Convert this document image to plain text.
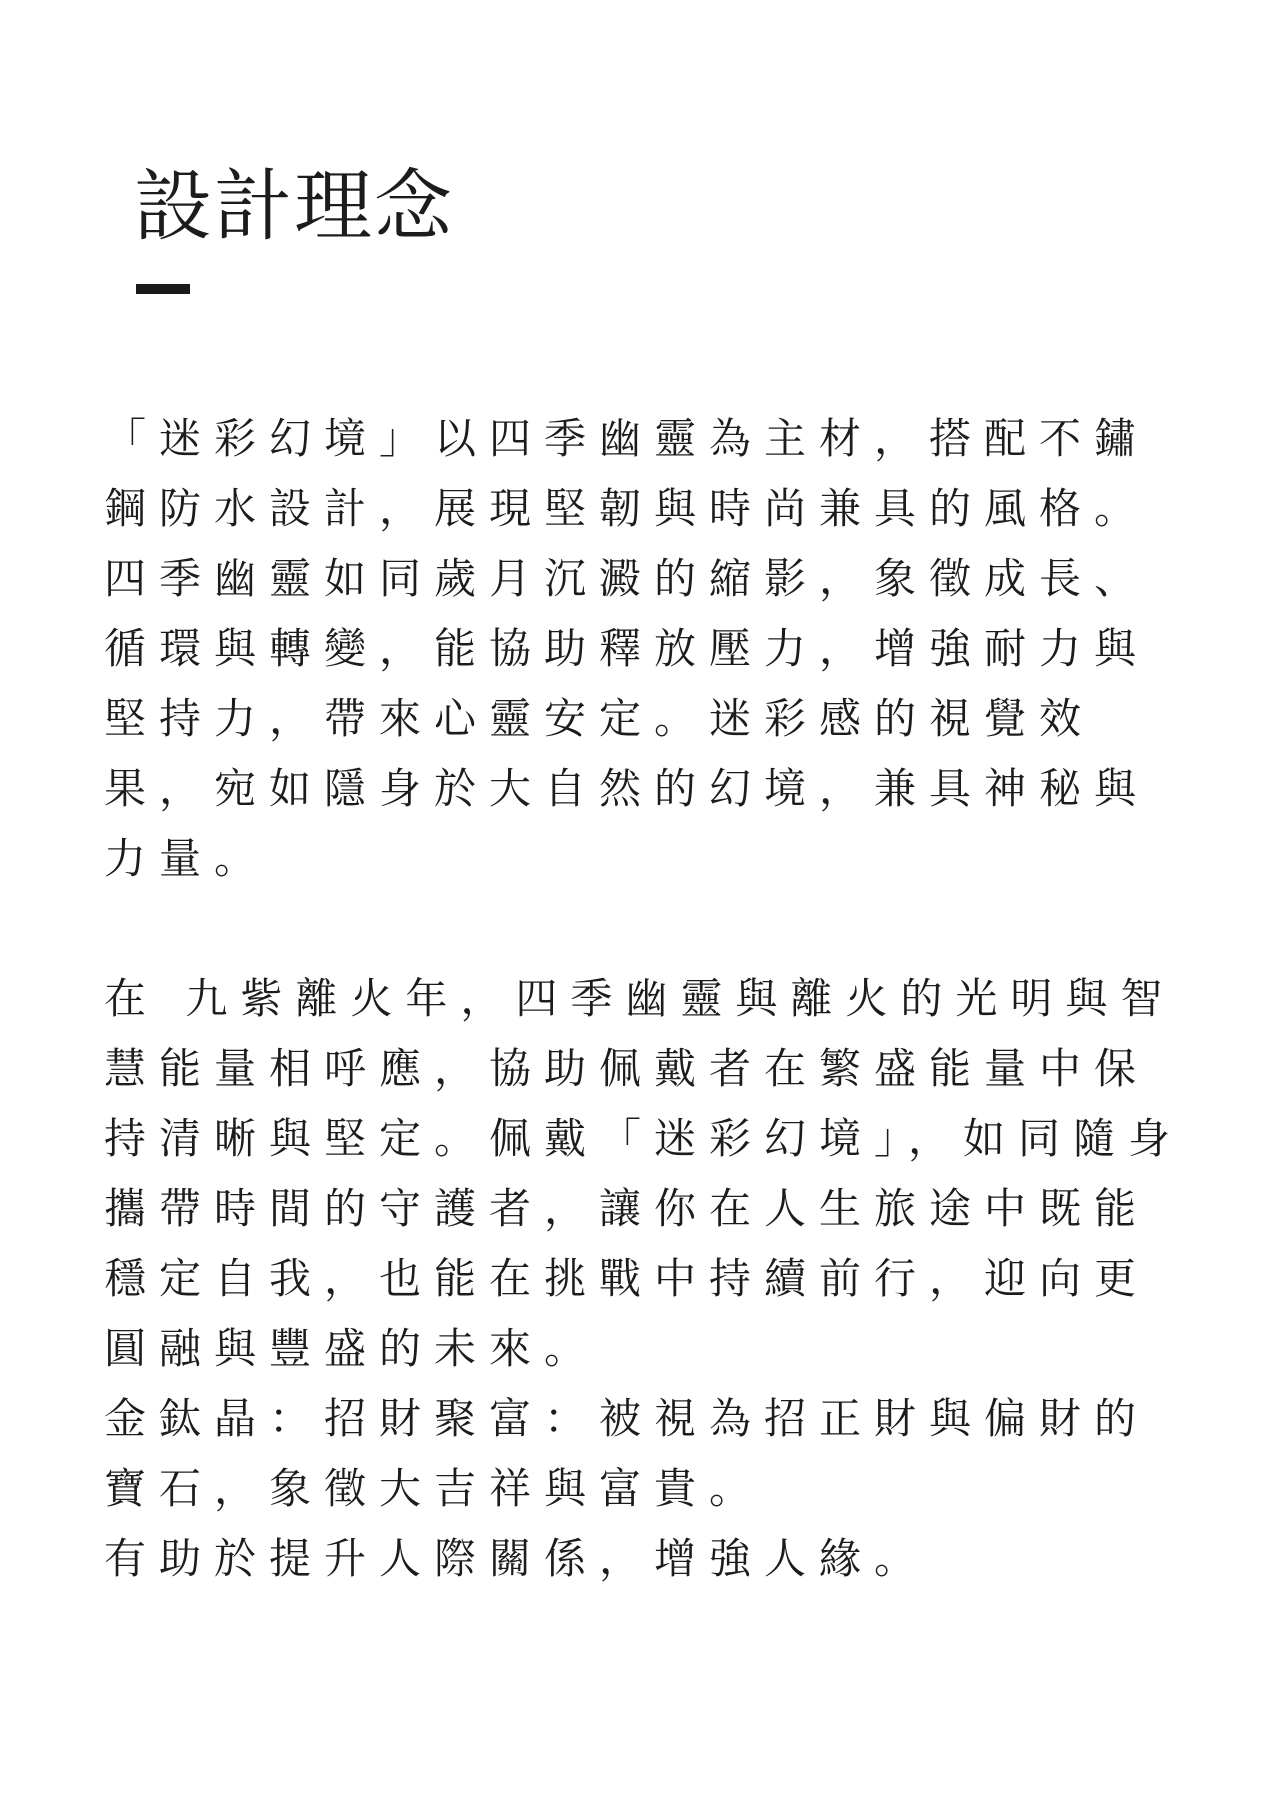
設計理念

「迷彩幻境」以四季幽靈為主材，搭配不鏽
鋼防水設計，展現堅韌與時尚兼具的風格。
四季幽靈如同歲月沉澱的縮影，象徵成長、
循環與轉變，能協助釋放壓力，增強耐力與
堅持力，帶來心靈安定。迷彩感的視覺效
果，宛如隱身於大自然的幻境，兼具神秘與
力量。

在 九紫離火年，四季幽靈與離火的光明與智
慧能量相呼應，協助佩戴者在繁盛能量中保
持清晰與堅定。佩戴「迷彩幻境」，如同隨身
攜帶時間的守護者，讓你在人生旅途中既能
穩定自我，也能在挑戰中持續前行，迎向更
圓融與豐盛的未來。
金鈦晶：招財聚富：被視為招正財與偏財的
寶石，象徵大吉祥與富貴。
有助於提升人際關係，增強人緣。
